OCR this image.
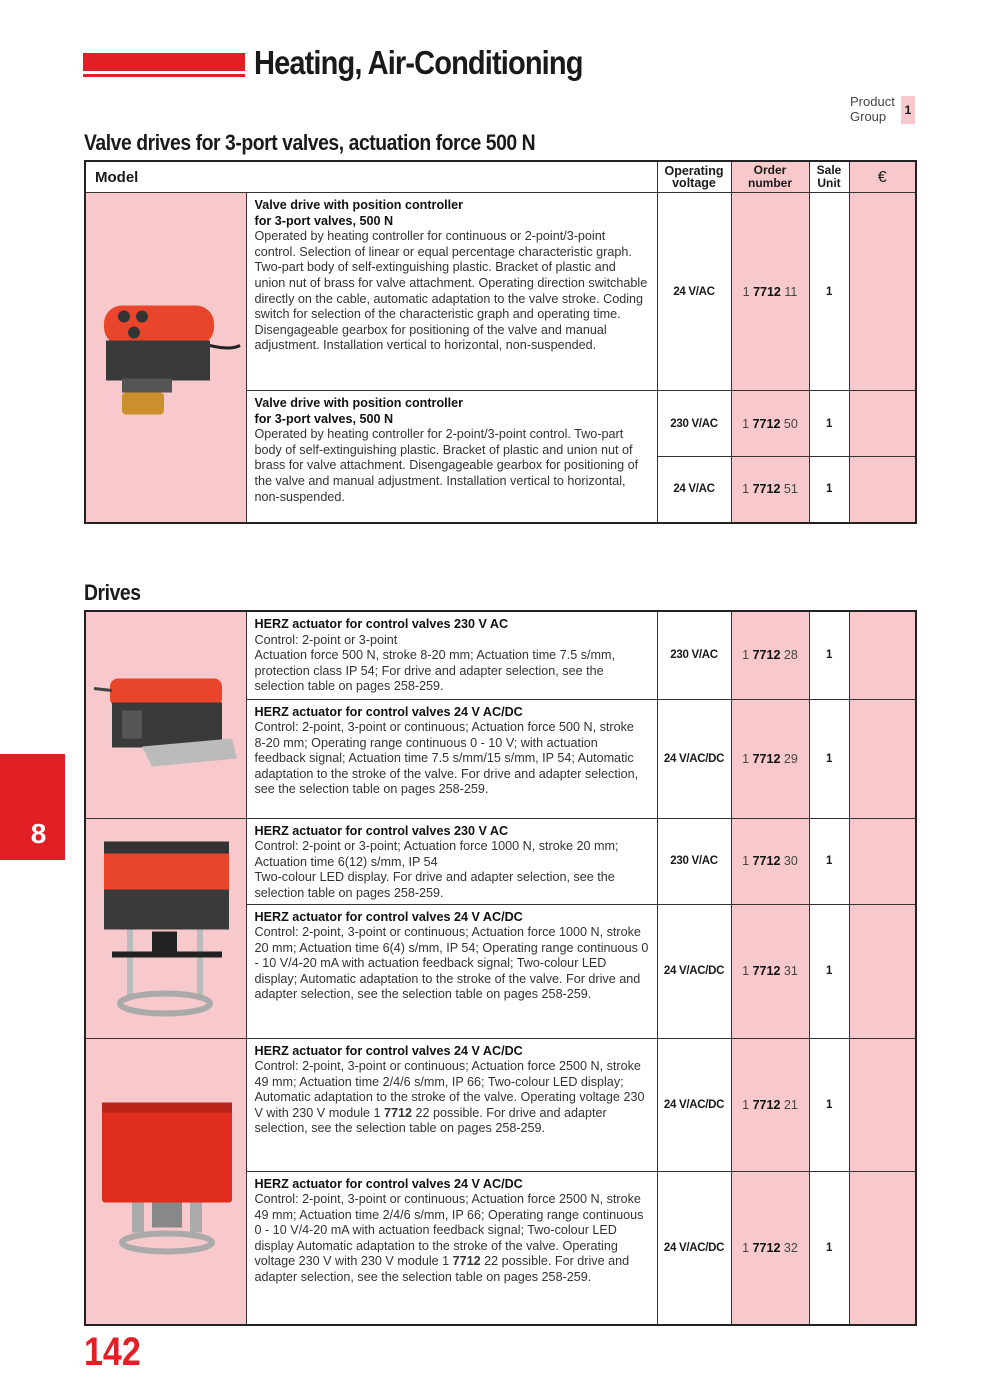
Heating, Air-Conditioning
Product
Group	1
Valve drives for 3-port valves, actuation force 500 N
Model		Operating voltage	Order number	Sale Unit	€

Valve drive with position controller
for 3-port valves, 500 N
Operated by heating controller for continuous or 2-point/3-point control. Selection of linear or equal percentage characteristic graph. Two-part body of self-extinguishing plastic. Bracket of plastic and union nut of brass for valve attachment. Operating direction switchable directly on the cable, automatic adaptation to the valve stroke. Coding switch for selection of the characteristic graph and operating time. Disengageable gearbox for positioning of the valve and manual adjustment. Installation vertical to horizontal, non-suspended.	24 V/AC	1 7712 11	1	

	Valve drive with position controller
for 3-port valves, 500 N
Operated by heating controller for 2-point/3-point control. Two-part body of self-extinguishing plastic. Bracket of plastic and union nut of brass for valve attachment. Disengageable gearbox for positioning of the valve and manual adjustment. Installation vertical to horizontal, non-suspended.	230 V/AC	1 7712 50	1	
		24 V/AC	1 7712 51	1	
Drives

HERZ actuator for control valves 230 V AC
Control: 2-point or 3-point
Actuation force 500 N, stroke 8-20 mm; Actuation time 7.5 s/mm, protection class IP 54; For drive and adapter selection, see the selection table on pages 258-259.	230 V/AC	1 7712 28	1	

	HERZ actuator for control valves 24 V AC/DC
Control: 2-point, 3-point or continuous; Actuation force 500 N, stroke 8-20 mm; Operating range continuous 0 - 10 V; with actuation feedback signal; Actuation time 7.5 s/mm/15 s/mm, IP 54; Automatic adaptation to the stroke of the valve. For drive and adapter selection, see the selection table on pages 258-259.	24 V/AC/DC	1 7712 29	1	

HERZ actuator for control valves 230 V AC
Control: 2-point or 3-point; Actuation force 1000 N, stroke 20 mm; Actuation time 6(12) s/mm, IP 54
Two-colour LED display. For drive and adapter selection, see the selection table on pages 258-259.	230 V/AC	1 7712 30	1	

	HERZ actuator for control valves 24 V AC/DC
Control: 2-point, 3-point or continuous; Actuation force 1000 N, stroke 20 mm; Actuation time 6(4) s/mm, IP 54; Operating range continuous 0 - 10 V/4-20 mA with actuation feedback signal; Two-colour LED display; Automatic adaptation to the stroke of the valve. For drive and adapter selection, see the selection table on pages 258-259.	24 V/AC/DC	1 7712 31	1	

HERZ actuator for control valves 24 V AC/DC
Control: 2-point, 3-point or continuous; Actuation force 2500 N, stroke 49 mm; Actuation time 2/4/6 s/mm, IP 66; Two-colour LED display; Automatic adaptation to the stroke of the valve. Operating voltage 230 V with 230 V module 1 7712 22 possible. For drive and adapter selection, see the selection table on pages 258-259.	24 V/AC/DC	1 7712 21	1	

	HERZ actuator for control valves 24 V AC/DC
Control: 2-point, 3-point or continuous; Actuation force 2500 N, stroke 49 mm; Actuation time 2/4/6 s/mm, IP 66; Operating range continuous 0 - 10 V/4-20 mA with actuation feedback signal; Two-colour LED display Automatic adaptation to the stroke of the valve. Operating voltage 230 V with 230 V module 1 7712 22 possible. For drive and adapter selection, see the selection table on pages 258-259.	24 V/AC/DC	1 7712 32	1	
8
142
